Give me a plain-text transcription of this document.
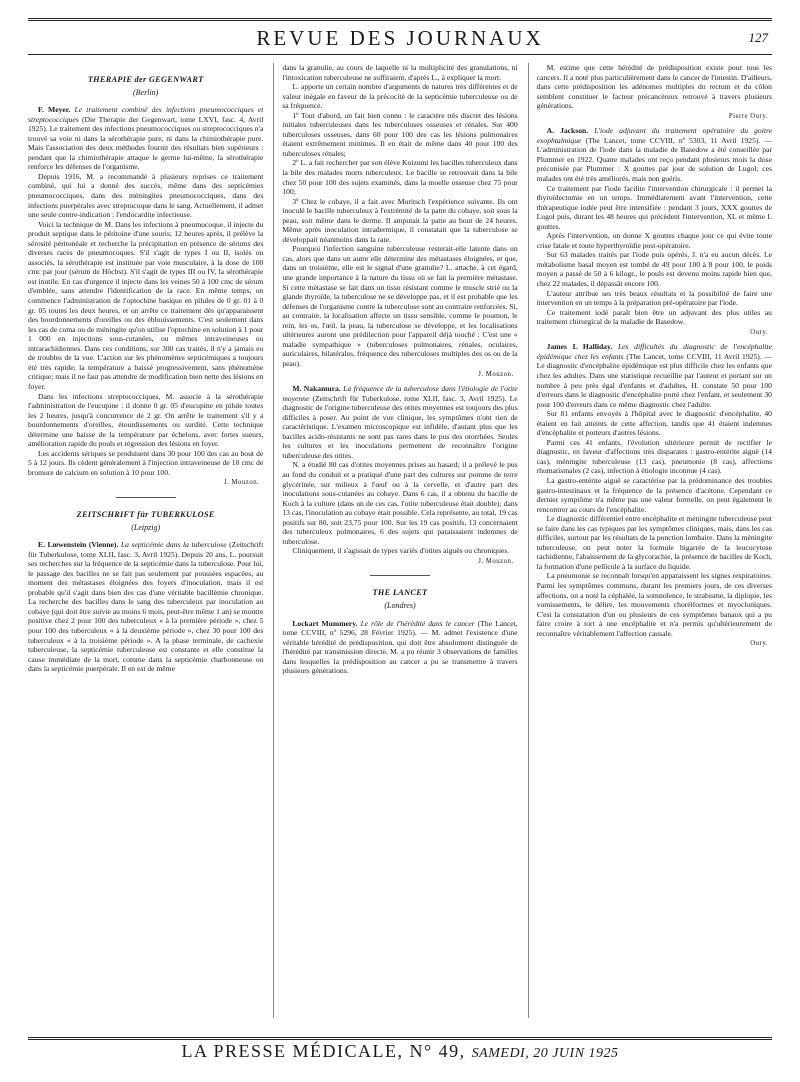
REVUE DES JOURNAUX	127
THERAPIE der GEGENWART
(Berlin)

F. Meyer. Le traitement combiné des infections pneumococciques et streptococciques (Die Therapie der Gegenwart, tome LXVI, fasc. 4, Avril 1925). Le traitement des infections pneumococciques ou streptococciques n'a trouvé sa voie ni dans la sérothérapie pure, ni dans la chimiothérapie pure. Mais l'association des deux méthodes fournit des résultats bien supérieurs : pendant que la chimiothérapie attaque le germe lui-même, la sérothérapie renforce les défenses de l'organisme.

Depuis 1916, M. a recommandé à plusieurs reprises ce traitement combiné, qui lui a donné des succès, même dans des septicémies pneumococciques, dans des méningites pneumococciques, dans des infections puerpérales avec streptocoque dans le sang. Actuellement, il admet une seule contre-indication : l'endocardite infectieuse.

Voici la technique de M. Dans les infections à pneumocoque, il injecte du produit septique dans le péritoine d'une souris; 12 heures après, il prélève la sérosité péritonéale et recherche la précipitation en présence de sérums des diverses races de pneumocoques. S'il s'agit de types I ou II, isolés ou associés, la sérothérapie est instituée par voie musculaire, à la dose de 100 cmc par jour (sérum de Höchst). S'il s'agit de types III ou IV, la sérothérapie est inutile. En cas d'urgence il injecte dans les veines 50 à 100 cmc de sérum d'emblée, sans attendre l'identification de la race. En même temps, on commence l'administration de l'optochine basique en pilules de 0 gr. 01 à 0 gr. 05 toutes les deux heures, et on arrête ce traitement dès qu'apparaissent des bourdonnements d'oreilles ou des éblouissements. C'est seulement dans les cas de coma ou de méningite qu'on utilise l'optochine en solution à 1 pour 1 000 en injections sous-cutanées, ou mêmes intraveineuses ou intrarachidiennes. Dans ces conditions, sur 300 cas traités, il n'y a jamais eu de troubles de la vue. L'action sur les phénomènes septicémiques a toujours été très rapide; la température a baissé progressivement, sans phénomène critique; mais il ne faut pas attendre de modification bien nette des lésions en foyer.

Dans les infections streptococciques, M. associe à la sérothérapie l'administration de l'eucupine : il donne 0 gr. 05 d'eucupine en pilule toutes les 2 heures, jusqu'à concurrence de 2 gr. On arrête le traitement s'il y a bourdonnements d'oreilles, étourdissements ou surdité. Cette technique détermine une baisse de la température par échelons, avec fortes sueurs, amélioration rapide du pouls et régression des lésions en foyer.

Les accidents sériques se produisent dans 30 pour 100 des cas au bout de 5 à 12 jours. Ils cèdent généralement à l'injection intraveineuse de 10 cmc de bromure de calcium en solution à 10 pour 100.

J. Mouzon.
ZEITSCHRIFT für TUBERKULOSE
(Leipzig)

E. Lœwenstein (Vienne). La septicémie dans la tuberculose (Zeitschrift für Tuberkulose, tome XLII, fasc. 3, Avril 1925). Depuis 20 ans, L. poursuit ses recherches sur la fréquence de la septicémie dans la tuberculose. Pour lui, le passage des bacilles ne se fait pas seulement par poussées espacées, au moment des métastases éloignées des foyers d'inoculation, mais il est probable qu'il s'agit dans bien des cas d'une véritable bacillémie chronique. La recherche des bacilles dans le sang des tuberculeux par inoculation au cobaye (qui doit être suivie au moins 6 mois, peut-être même 1 an) se montre positive chez 2 pour 100 des tuberculeux « à la première période », chez 5 pour 100 des tuberculeux « à la deuxième période », chez 30 pour 100 des tuberculeux « à la troisième période ». A la phase terminale, de cachexie tuberculeuse, la septicémie tuberculeuse est constante et elle constitue la cause immédiate de la mort, comme dans la septicémie charbonneuse ou dans la septicémie puerpérale. Il en est de même

dans la granulie, au cours de laquelle ni la multiplicité des granulations, ni l'intoxication tuberculeuse ne suffiraient, d'après L., à expliquer la mort.

L. apporte un certain nombre d'arguments de natures très différentes et de valeur inégale en faveur de la précocité de la septicémie tuberculeuse ou de sa fréquence.

1º Tout d'abord, un fait bien connu : le caractère très discret des lésions initiales tuberculeuses dans les tuberculoses osseuses et rénales. Sur 400 tuberculoses osseuses, dans 60 pour 100 des cas les lésions pulmonaires étaient extrêmement minimes. Il en était de même dans 40 pour 100 des tuberculoses rénales;

2º L. a fait rechercher par son élève Koizumi les bacilles tuberculeux dans la bile des malades morts tuberculeux. Le bacille se retrouvait dans la bile chez 50 pour 100 des sujets examinés, dans la moelle osseuse chez 75 pour 100;

3º Chez le cobaye, il a fait avec Moritsch l'expérience suivante. Ils ont inoculé le bacille tuberculeux à l'extrémité de la patte du cobaye, soit sous la peau, soit même dans le derme. Il amputait la patte au bout de 24 heures. Même après inoculation intradermique, il constatait que la tuberculose se développait néanmoins dans la rate.

Pourquoi l'infection sanguine tuberculeuse resterait-elle latente dans un cas, alors que dans un autre elle détermine des métastases éloignées, et que, dans un troisième, elle est le signal d'une granulie? L. attache, à cet égard, une grande importance à la nature du tissu où se fait la première métastase. Si cette métastase se fait dans un tissu résistant comme le muscle strié ou la glande thyroïde, la tuberculose ne se développe pas, et il est probable que les défenses de l'organisme contre la tuberculose sont au contraire renforcées. Si, au contraire, la localisation affecte un tissu sensible, comme le poumon, le rein, les os, l'œil, la peau, la tuberculose se développe, et les localisations ultérieures auront une prédilection pour l'appareil déjà touché : C'est une « maladie sympathique » (tuberculoses pulmonaires, rénales, oculaires, auriculaires, bilatérales, fréquence des tuberculoses multiples des os ou de la peau).

J. Mouzon.

M. Nakamura. La fréquence de la tuberculose dans l'étiologie de l'otite moyenne (Zeitschrift für Tuberkulose, tome XLII, fasc. 3, Avril 1925). Le diagnostic de l'origine tuberculeuse des otites moyennes est toujours des plus difficiles à poser. Au point de vue clinique, les symptômes n'ont rien de caractéristique. L'examen microscopique est infidèle, d'autant plus que les bacilles acido-résistants ne sont pas rares dans le pus des otorrhées. Seules les cultures et les inoculations permettent de reconnaître l'origine tuberculeuse des otites.

N. a étudié 80 cas d'otites moyennes prises au hasard; il a prélevé le pus au fond du conduit et a pratiqué d'une part des cultures sur pomme de terre glycérinée, sur milieux à l'œuf ou à la cervelle, et d'autre part des inoculations sous-cutanées au cobaye. Dans 6 cas, il a obtenu du bacille de Koch à la culture (dans un de ces cas, l'otite tuberculeuse était double); dans 13 cas, l'inoculation au cobaye était possible. Cela représente, au total, 19 cas positifs sur 80, soit 23,75 pour 100. Sur les 19 cas positifs, 13 concernaient des tuberculeux pulmonaires, 6 des sujets qui paraissaient indemnes de tuberculose.

Cliniquement, il s'agissait de types variés d'otites aiguës ou chroniques.

J. Mouzon.
THE LANCET
(Londres)

Lockart Mummery. Le rôle de l'hérédité dans le cancer (The Lancet, tome CCVIII, nº 5296, 28 Février 1925). — M. admet l'existence d'une véritable hérédité de prédisposition, qui doit être absolument distinguée de l'hérédité par transmission directe. M. a pu réunir 3 observations de familles dans lesquelles la prédisposition au cancer a pu se transmettre à travers plusieurs générations.

M. estime que cette hérédité de prédisposition existe pour tous les cancers. Il a noté plus particulièrement dans le cancer de l'intestin. D'ailleurs, dans cette prédisposition les adénomes multiples du rectum et du côlon semblent constituer le facteur précancéreux retrouvé à travers plusieurs générations.

Pierre Oury.

A. Jackson. L'iode adjuvant du traitement opératoire du goitre exophtalmique (The Lancet, tome CCVIII, nº 5303, 11 Avril 1925). — L'administration de l'iode dans la maladie de Basedow a été conseillée par Plummer en 1922. Quatre malades ont reçu pendant plusieurs mois la dose préconisée par Plummer : X gouttes par jour de solution de Lugol; ces malades ont été très améliorés, mais non guéris.

Ce traitement par l'iode facilite l'intervention chirurgicale : il permet la thyroïdectomie en un temps. Immédiatement avant l'intervention, cette thérapeutique iodée peut être intensifiée : pendant 3 jours, XXX gouttes de Lugol puis, durant les 48 heures qui précèdent l'intervention, XL et même L gouttes.

Après l'intervention, on donne X gouttes chaque jour ce qui évite toute crise fatale et toute hyperthyroïdie post-opératoire.

Sur 63 malades traités par l'iode puis opérés, J. n'a eu aucun décès. Le métabolisme basal moyen est tombé de 49 pour 100 à 8 pour 100, le poids moyen a passé de 50 à 6 kilogr., le pouls est devenu moins rapide bien que, chez 22 malades, il dépassât encore 100.

L'auteur attribue ses très beaux résultats et la possibilité de faire une intervention en un temps à la préparation pré-opératoire par l'iode.

Ce traitement iodé paraît bien être un adjuvant des plus utiles au traitement chirurgical de la maladie de Basedow.

Oury.

James L Halliday. Les difficultés du diagnostic de l'encéphalite épidémique chez les enfants (The Lancet, tome CCVIII, 11 Avril 1925). — Le diagnostic d'encéphalite épidémique est plus difficile chez les enfants que chez les adultes. Dans une statistique recueillie par l'auteur et portant sur un nombre à peu près égal d'enfants et d'adultes, H. constate 50 pour 100 d'erreurs dans le diagnostic d'encéphalite porté chez l'enfant, et seulement 30 pour 100 d'erreurs dans ce même diagnostic chez l'adulte.

Sur 81 enfants envoyés à l'hôpital avec le diagnostic d'encéphalite, 40 étaient en fait atteints de cette affection, tandis que 41 étaient indemnes d'encéphalite et porteurs d'autres lésions.

Parmi ces 41 enfants, l'évolution ultérieure permit de rectifier le diagnostic, en faveur d'affections très disparates : gastro-entérite aiguë (14 cas), méningite tuberculeuse (13 cas), pneumonie (8 cas), affections rhumatismales (2 cas), infection à étiologie inconnue (4 cas).

La gastro-entérite aiguë se caractérise par la prédominance des troubles gastro-intestinaux et la fréquence de la présence d'acétone. Cependant ce dernier symptôme n'a même pas une valeur formelle, on peut également le rencontrer au cours de l'encéphalite.

Le diagnostic différentiel entre encéphalite et méningite tuberculeuse peut se faire dans les cas typiques par les symptômes cliniques, mais, dans les cas difficiles, surtout par les résultats de la ponction lombaire. Dans la méningite tuberculeuse, on peut noter la formule bigarrée de la leucocytose rachidienne, l'abaissement de la glycorachie, la présence de bacilles de Koch, la formation d'une pellicule à la surface du liquide.

La pneumonie se reconnaît lorsqu'en apparaissent les signes respiratoires. Parmi les symptômes communs, durant les premiers jours, de ces diverses affections, on a noté la céphalée, la somnolence, le strabisme, la diplopie, les vomissements, le délire, les mouvements choréiformes et myocloniques. C'est la constatation d'un ou plusieurs de ces symptômes banaux qui a pu faire croire à tort à une encéphalite et n'a permis qu'ultérieurement de reconnaître véritablement l'affection causale.

Oury.
LA PRESSE MÉDICALE, N° 49, SAMEDI, 20 JUIN 1925
